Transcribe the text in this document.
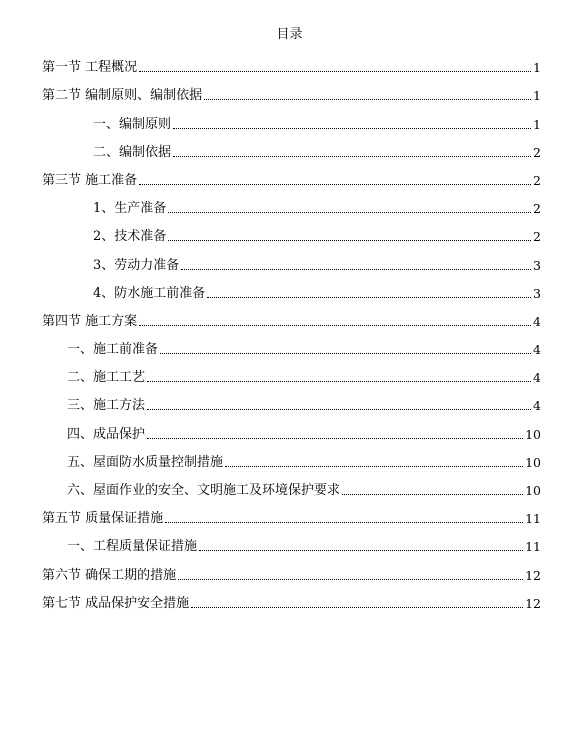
目录
第一节 工程概况	1
第二节 编制原则、编制依据	1
一、编制原则	1
二、编制依据	2
第三节 施工准备	2
1、生产准备	2
2、技术准备	2
3、劳动力准备	3
4、防水施工前准备	3
第四节 施工方案	4
一、施工前准备	4
二、施工工艺	4
三、施工方法	4
四、成品保护	10
五、屋面防水质量控制措施	10
六、屋面作业的安全、文明施工及环境保护要求	10
第五节 质量保证措施	11
一、工程质量保证措施	11
第六节 确保工期的措施	12
第七节 成品保护安全措施	12
